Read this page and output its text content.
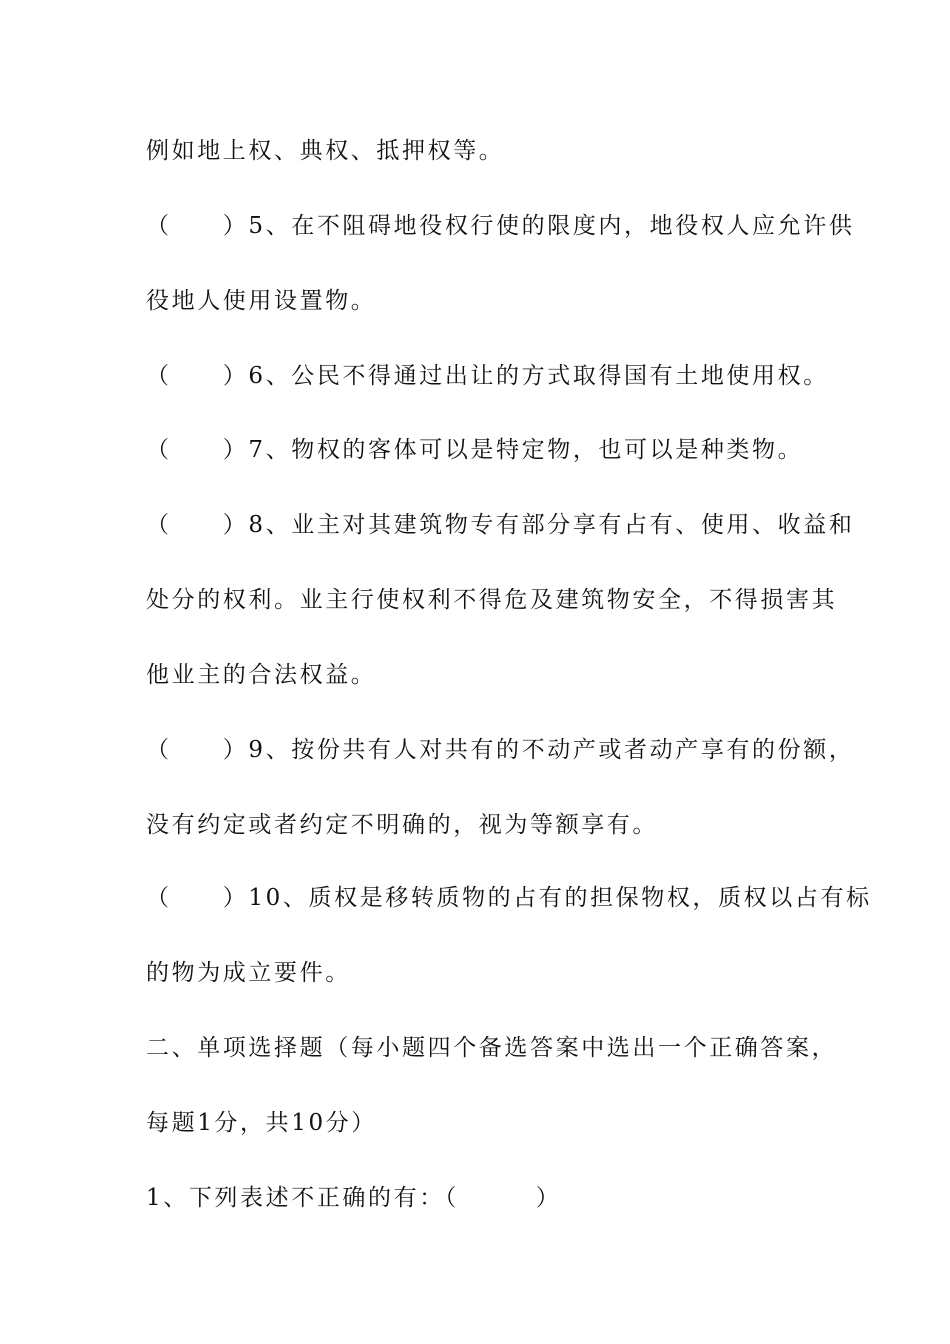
例如地上权、典权、抵押权等。
（　　）5、在不阻碍地役权行使的限度内，地役权人应允许供
役地人使用设置物。
（　　）6、公民不得通过出让的方式取得国有土地使用权。
（　　）7、物权的客体可以是特定物，也可以是种类物。
（　　）8、业主对其建筑物专有部分享有占有、使用、收益和
处分的权利。业主行使权利不得危及建筑物安全，不得损害其
他业主的合法权益。
（　　）9、按份共有人对共有的不动产或者动产享有的份额，
没有约定或者约定不明确的，视为等额享有。
（　　）10、质权是移转质物的占有的担保物权，质权以占有标
的物为成立要件。
二、单项选择题（每小题四个备选答案中选出一个正确答案，
每题1分，共10分）
1、下列表述不正确的有：（　　　）
